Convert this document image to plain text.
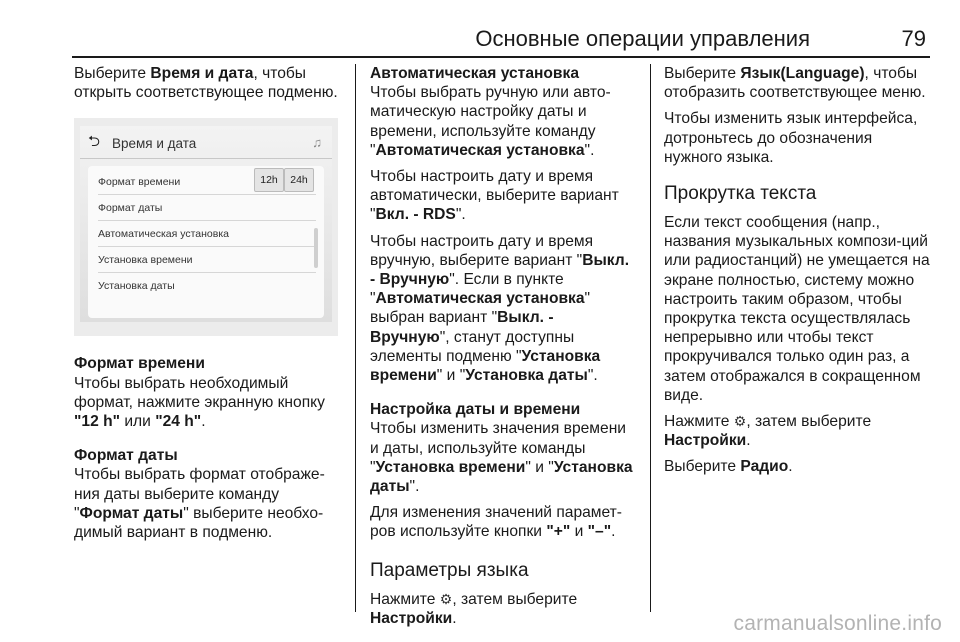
Основные операции управления	79

Выберите Время и дата, чтобы открыть соответствующее подменю.

⮌ Время и дата	♫
Формат времени	12h	24h
Формат даты
Автоматическая установка
Установка времени
Установка даты
Формат времени

Чтобы выбрать необходимый формат, нажмите экранную кнопку "12 h" или "24 h".

Формат даты

Чтобы выбрать формат отображе-ния даты выберите команду "Формат даты" выберите необхо-димый вариант в подменю.

Автоматическая установка

Чтобы выбрать ручную или авто-матическую настройку даты и времени, используйте команду "Автоматическая установка".

Чтобы настроить дату и время автоматически, выберите вариант "Вкл. - RDS".

Чтобы настроить дату и время вручную, выберите вариант "Выкл. - Вручную". Если в пункте "Автоматическая установка" выбран вариант "Выкл. - Вручную", станут доступны элементы подменю "Установка времени" и "Установка даты".

Настройка даты и времени

Чтобы изменить значения времени и даты, используйте команды "Установка времени" и "Установка даты".

Для изменения значений парамет-ров используйте кнопки "+" и "–".

Параметры языка

Нажмите ⚙, затем выберите Настройки.

Выберите Язык(Language), чтобы отобразить соответствующее меню.

Чтобы изменить язык интерфейса, дотроньтесь до обозначения нужного языка.

Прокрутка текста

Если текст сообщения (напр., названия музыкальных компози-ций или радиостанций) не умещается на экране полностью, систему можно настроить таким образом, чтобы прокрутка текста осуществлялась непрерывно или чтобы текст прокручивался только один раз, а затем отображался в сокращенном виде.

Нажмите ⚙, затем выберите Настройки.

Выберите Радио.

carmanualsonline.info
